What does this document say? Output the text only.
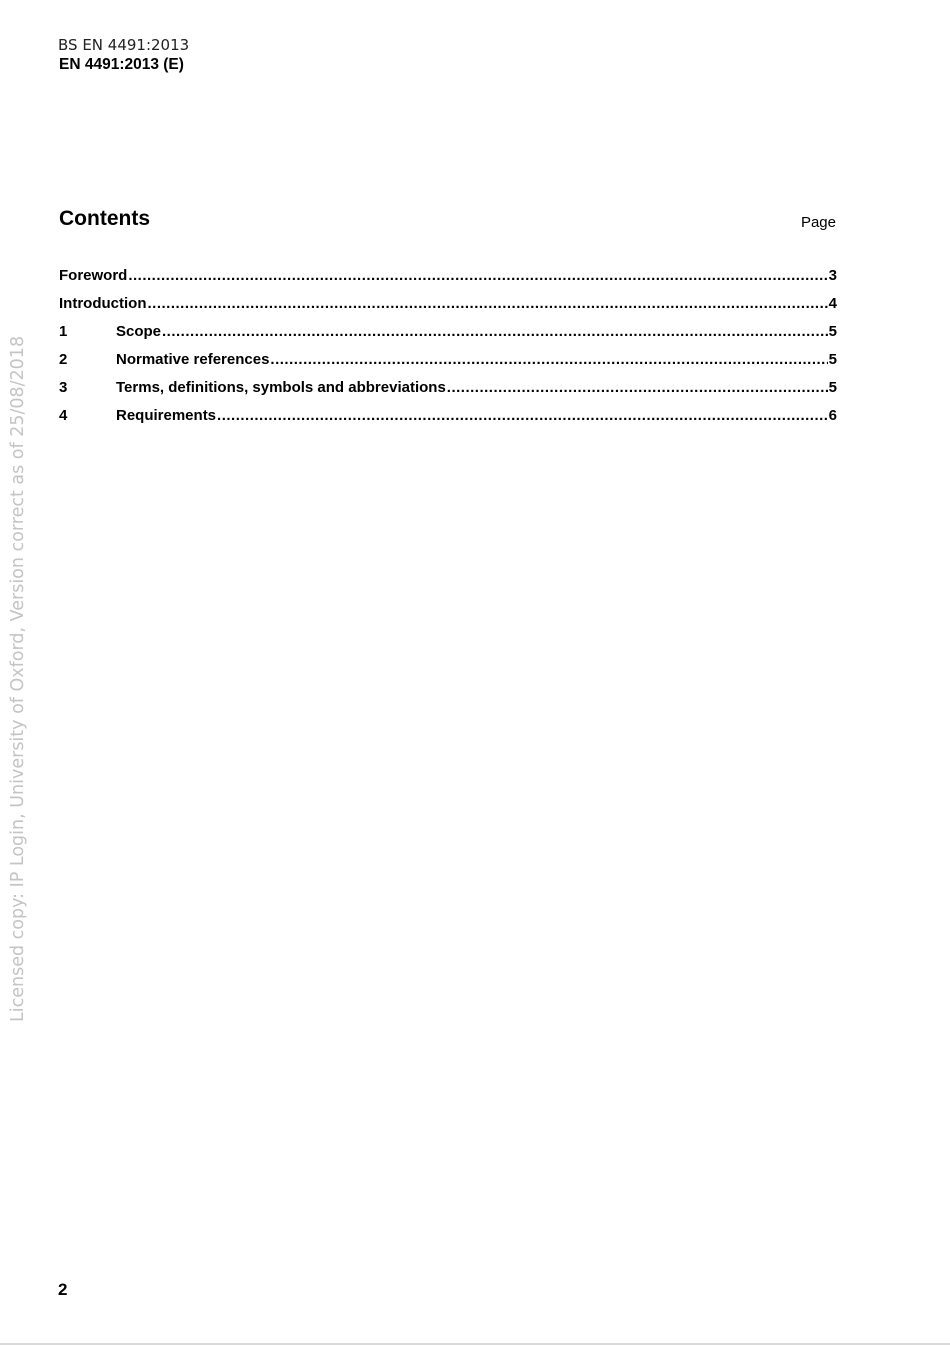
BS EN 4491:2013
EN 4491:2013 (E)
Contents	Page
Foreword .....	3
Introduction .....	4
1	Scope .....	5
2	Normative references .....	5
3	Terms, definitions, symbols and abbreviations .....	5
4	Requirements .....	6
Licensed copy: IP Login, University of Oxford, Version correct as of 25/08/2018
2
